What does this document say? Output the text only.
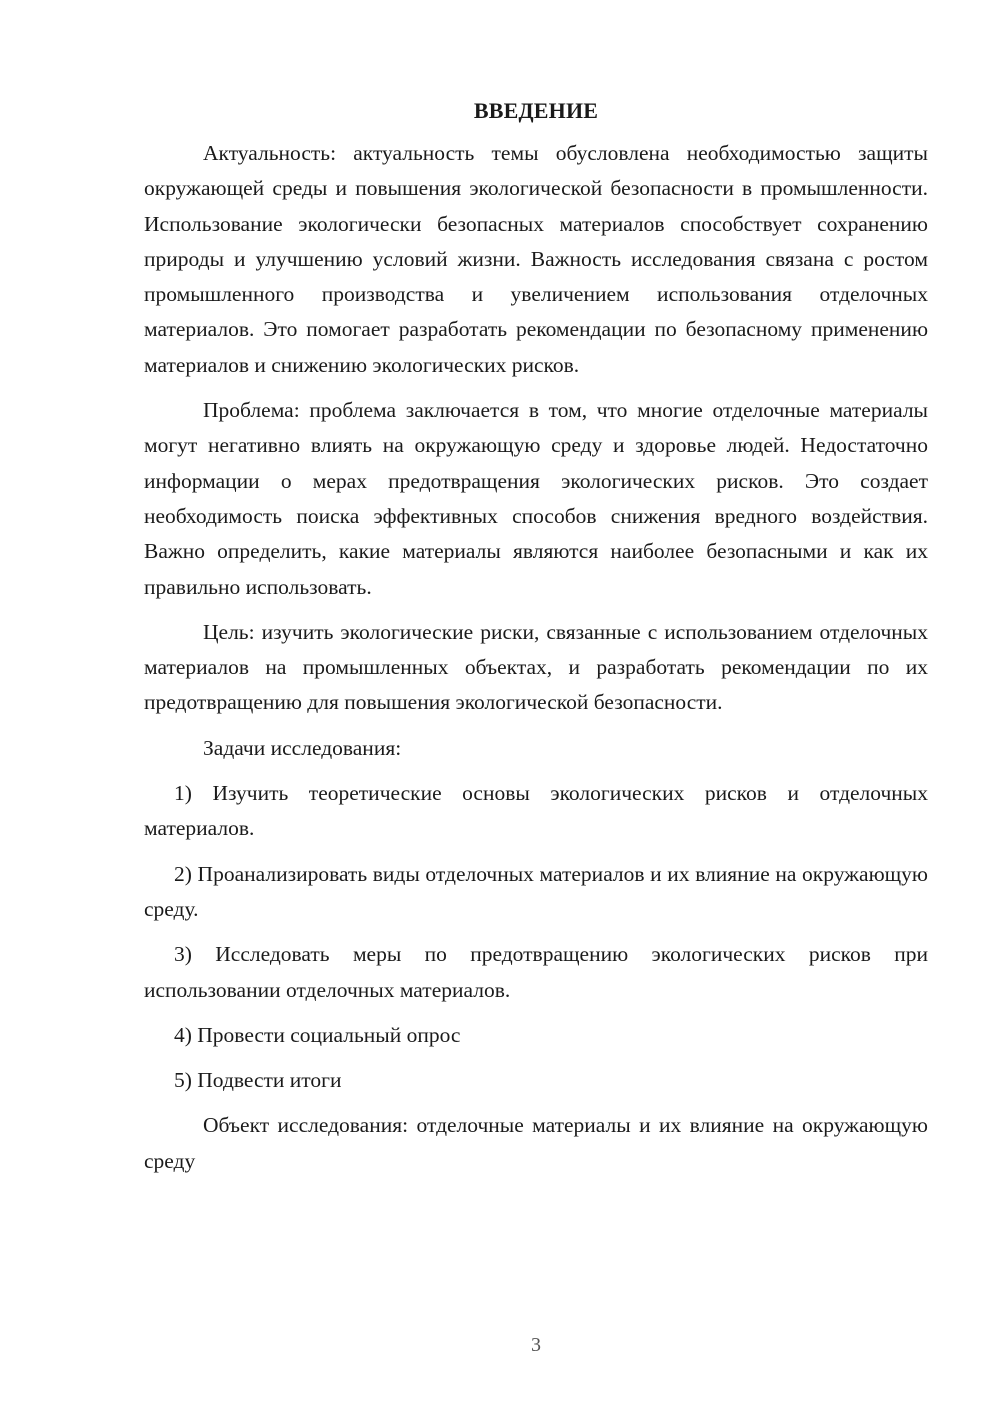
ВВЕДЕНИЕ

Актуальность: актуальность темы обусловлена необходимостью защиты окружающей среды и повышения экологической безопасности в промышленности. Использование экологически безопасных материалов способствует сохранению природы и улучшению условий жизни. Важность исследования связана с ростом промышленного производства и увеличением использования отделочных материалов. Это помогает разработать рекомендации по безопасному применению материалов и снижению экологических рисков.

Проблема: проблема заключается в том, что многие отделочные материалы могут негативно влиять на окружающую среду и здоровье людей. Недостаточно информации о мерах предотвращения экологических рисков. Это создает необходимость поиска эффективных способов снижения вредного воздействия. Важно определить, какие материалы являются наиболее безопасными и как их правильно использовать.

Цель: изучить экологические риски, связанные с использованием отделочных материалов на промышленных объектах, и разработать рекомендации по их предотвращению для повышения экологической безопасности.

Задачи исследования:

1) Изучить теоретические основы экологических рисков и отделочных материалов.

2) Проанализировать виды отделочных материалов и их влияние на окружающую среду.

3) Исследовать меры по предотвращению экологических рисков при использовании отделочных материалов.

4) Провести социальный опрос

5) Подвести итоги

Объект исследования: отделочные материалы и их влияние на окружающую среду

3
